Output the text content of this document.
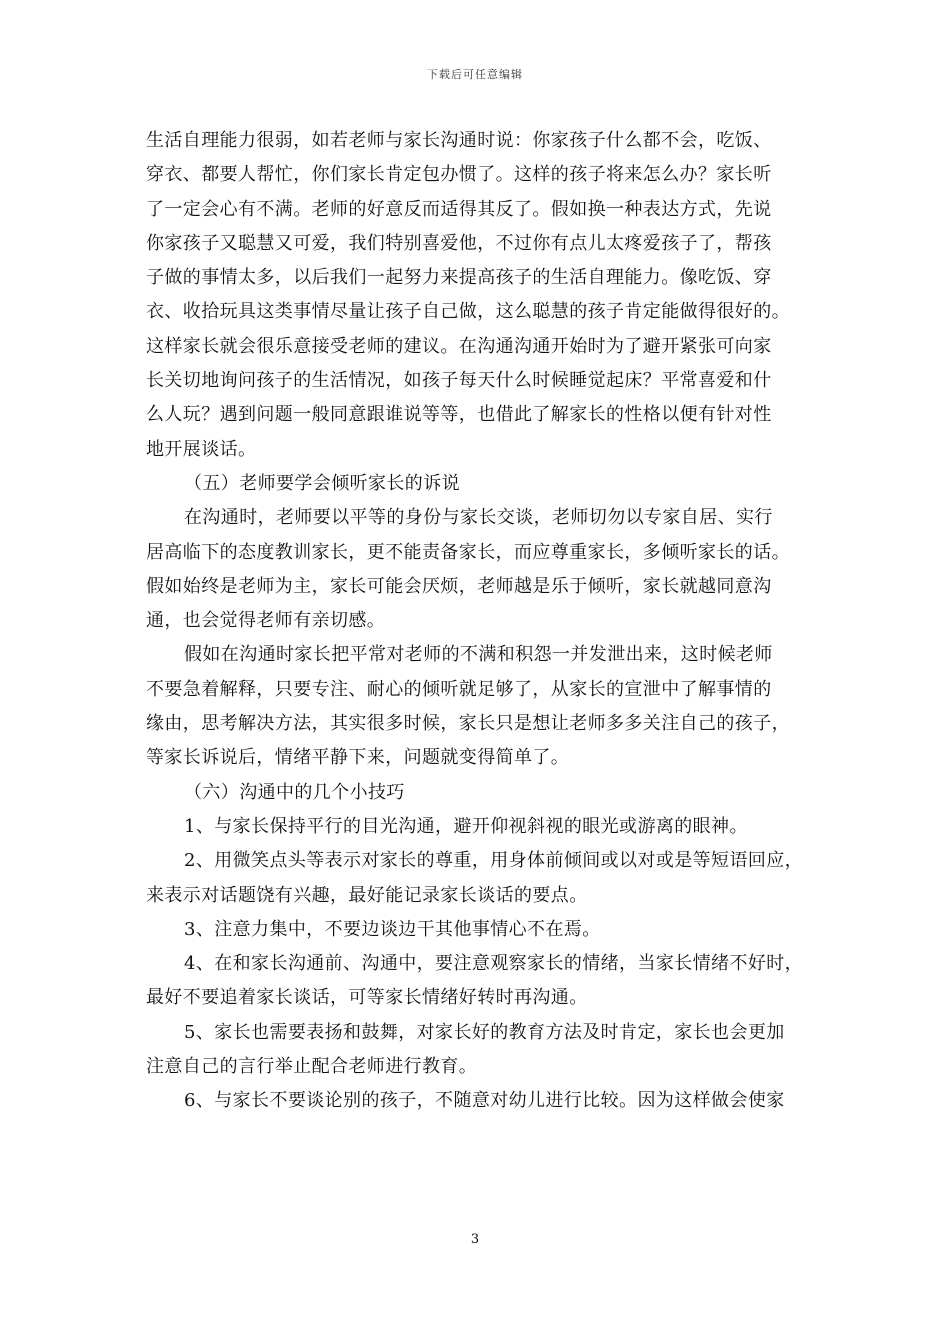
下载后可任意编辑
生活自理能力很弱，如若老师与家长沟通时说：你家孩子什么都不会，吃饭、
穿衣、都要人帮忙，你们家长肯定包办惯了。这样的孩子将来怎么办？家长听
了一定会心有不满。老师的好意反而适得其反了。假如换一种表达方式，先说
你家孩子又聪慧又可爱，我们特别喜爱他，不过你有点儿太疼爱孩子了，帮孩
子做的事情太多，以后我们一起努力来提高孩子的生活自理能力。像吃饭、穿
衣、收拾玩具这类事情尽量让孩子自己做，这么聪慧的孩子肯定能做得很好的。
这样家长就会很乐意接受老师的建议。在沟通沟通开始时为了避开紧张可向家
长关切地询问孩子的生活情况，如孩子每天什么时候睡觉起床？平常喜爱和什
么人玩？遇到问题一般同意跟谁说等等，也借此了解家长的性格以便有针对性
地开展谈话。
（五）老师要学会倾听家长的诉说
在沟通时，老师要以平等的身份与家长交谈，老师切勿以专家自居、实行
居高临下的态度教训家长，更不能责备家长，而应尊重家长，多倾听家长的话。
假如始终是老师为主，家长可能会厌烦，老师越是乐于倾听，家长就越同意沟
通，也会觉得老师有亲切感。
假如在沟通时家长把平常对老师的不满和积怨一并发泄出来，这时候老师
不要急着解释，只要专注、耐心的倾听就足够了，从家长的宣泄中了解事情的
缘由，思考解决方法，其实很多时候，家长只是想让老师多多关注自己的孩子，
等家长诉说后，情绪平静下来，问题就变得简单了。
（六）沟通中的几个小技巧
1、与家长保持平行的目光沟通，避开仰视斜视的眼光或游离的眼神。
2、用微笑点头等表示对家长的尊重，用身体前倾间或以对或是等短语回应，
来表示对话题饶有兴趣，最好能记录家长谈话的要点。
3、注意力集中，不要边谈边干其他事情心不在焉。
4、在和家长沟通前、沟通中，要注意观察家长的情绪，当家长情绪不好时，
最好不要追着家长谈话，可等家长情绪好转时再沟通。
5、家长也需要表扬和鼓舞，对家长好的教育方法及时肯定，家长也会更加
注意自己的言行举止配合老师进行教育。
6、与家长不要谈论别的孩子，不随意对幼儿进行比较。因为这样做会使家
3
